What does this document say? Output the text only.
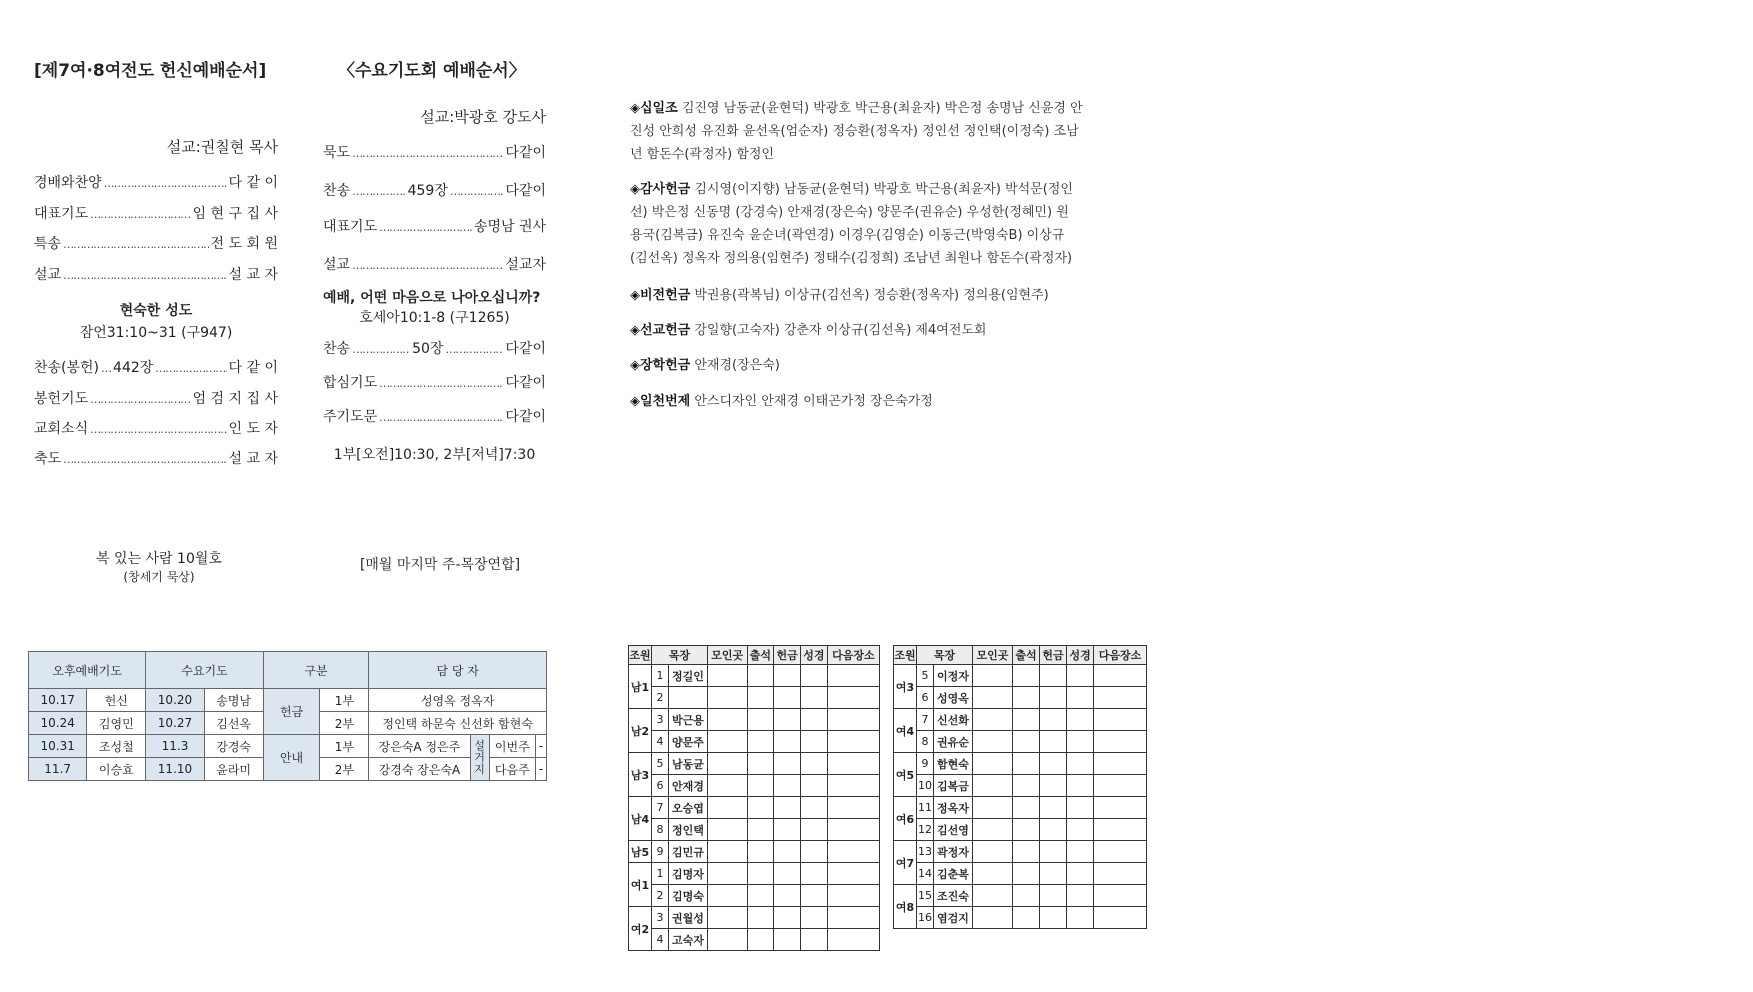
[제7여·8여전도 헌신예배순서]
설교:권칠현 목사
경배와찬양 …………………………………………………………………………………………………	다 같 이
대표기도 …………………………………………………………………………………………………	임 현 구 집 사
특송 …………………………………………………………………………………………………	전 도 회 원
설교 …………………………………………………………………………………………………	설 교 자
현숙한 성도
잠언31:10~31 (구947)
찬송(봉헌) ………………………………………………………………………………………………… 442장 …………………………………………………………………………………………………	다 같 이
봉헌기도 …………………………………………………………………………………………………	엄 검 지 집 사
교회소식 …………………………………………………………………………………………………	인 도 자
축도 …………………………………………………………………………………………………	설 교 자
복 있는 사람 10월호
(창세기 묵상)
〈수요기도회 예배순서〉
설교:박광호 강도사
묵도 …………………………………………………………………………………………………	다같이
찬송 …………………………………………………………………………………………………	459장 …………………………………………………………………………………………………	다같이
대표기도 …………………………………………………………………………………………………	송명남 권사
설교 …………………………………………………………………………………………………	설교자
예배, 어떤 마음으로 나아오십니까?
호세아10:1-8 (구1265)
찬송 …………………………………………………………………………………………………	50장 …………………………………………………………………………………………………	다같이
합심기도 …………………………………………………………………………………………………	다같이
주기도문 …………………………………………………………………………………………………	다같이
1부[오전]10:30, 2부[저녁]7:30
[매월 마지막 주-목장연합]
◈십일조 김진영 남동균(윤현덕) 박광호 박근용(최윤자) 박은정 송명남 신윤경 안
진성 안희성 유진화 윤선옥(엄순자) 정승환(정옥자) 정인선 정인택(이정숙) 조남
년 함돈수(곽정자) 함정인
◈감사헌금 김시영(이지향) 남동균(윤현덕) 박광호 박근용(최윤자) 박석문(정인
선) 박은정 신동명 (강경숙) 안재경(장은숙) 양문주(권유순) 우성한(정혜민) 원
용국(김복금) 유진숙 윤순녀(곽연경) 이경우(김영순) 이동근(박영숙B) 이상규
(김선옥) 정옥자 정의용(임현주) 정태수(김정희) 조남년 최원나 함돈수(곽정자)
◈비전헌금 박권용(곽복님) 이상규(김선옥) 정승환(정옥자) 정의용(임현주)
◈선교헌금 강일향(고숙자) 강춘자 이상규(김선옥) 제4여전도회
◈장학헌금 안재경(장은숙)
◈일천번제 안스디자인 안재경 이태곤가정 장은숙가정
오후예배기도		수요기도		구분		담 당 자			
10.17	헌신	10.20	송명남	헌금	1부	성영옥 정옥자			
10.24	김영민	10.27	김선옥		2부	정인택 하문숙 신선화 함현숙			
10.31	조성철	11.3	강경숙	안내	1부	장은숙A 정은주	설거지	이번주	-
11.7	이승효	11.10	윤라미		2부	강경숙 장은숙A		다음주	-
조원	목장		모인곳	출석	헌금	성경	다음장소
남1	1	정길인					
	2						
남2	3	박근용					
	4	양문주					
남3	5	남동균					
	6	안재경					
남4	7	오승엽					
	8	정인택					
남5	9	김민규					
여1	1	김명자					
	2	김명숙					
여2	3	권월성					
	4	고숙자					
조원	목장		모인곳	출석	헌금	성경	다음장소
여3	5	이정자					
	6	성영옥					
여4	7	신선화					
	8	권유순					
여5	9	함현숙					
	10	김복금					
여6	11	정옥자					
	12	김선영					
여7	13	곽정자					
	14	김춘복					
여8	15	조진숙					
	16	염검지					
